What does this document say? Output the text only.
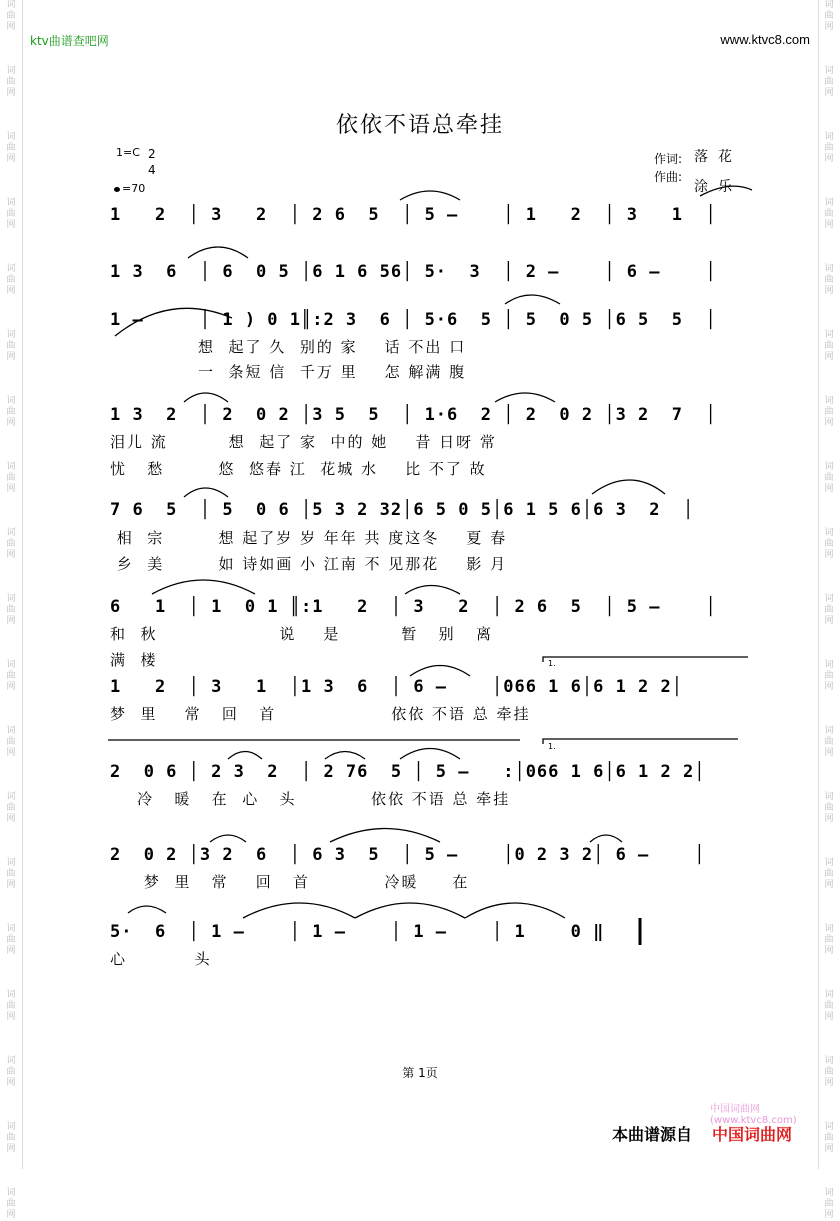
词
曲
网

词
曲
网

词
曲
网

词
曲
网

词
曲
网

词
曲
网

词
曲
网

词
曲
网

词
曲
网

词
曲
网

词
曲
网

词
曲
网

词
曲
网

词
曲
网

词
曲
网

词
曲
网

词
曲
网

词
曲
网

词
曲
网
词
曲
网

词
曲
网

词
曲
网

词
曲
网

词
曲
网

词
曲
网

词
曲
网

词
曲
网

词
曲
网

词
曲
网

词
曲
网

词
曲
网

词
曲
网

词
曲
网

词
曲
网

词
曲
网

词
曲
网

词
曲
网

词
曲
网
ktv曲谱查吧网	www.ktvc8.com
依依不语总牵挂
1=C 2
4
=70
作词: 落花
作曲:
涂乐
1   2  │ 3   2  │ 2 6  5  │ 5 –    │ 1   2  │ 3   1  │
1 3  6  │ 6  0 5 │6 1 6 56│ 5·  3  │ 2 –    │ 6 –    │
1 –     │ 1 ) 0 1║:2 3  6 │ 5·6  5 │ 5  0 5 │6 5  5  │
想  起了 久  别的 家    话 不出 口
一  条短 信  千万 里    怎 解满 腹
1 3  2  │ 2  0 2 │3 5  5  │ 1·6  2 │ 2  0 2 │3 2  7  │
泪儿 流         想  起了 家  中的 她    昔 日呀 常
忧   愁        悠  悠春 江  花城 水    比 不了 故
7 6  5  │ 5  0 6 │5 3 2 32│6 5 0 5│6 1 5 6│6 3  2  │
相  宗        想 起了岁 岁 年年 共 度这冬    夏 春
乡  美        如 诗如画 小 江南 不 见那花    影 月
6   1  │ 1  0 1 ║:1   2  │ 3   2  │ 2 6  5  │ 5 –    │
和  秋                  说    是         暂   别   离
满  楼
1   2  │ 3   1  │1 3  6  │ 6 –    │066 1 6│6 1 2 2│
梦  里    常   回   首                 依依 不语 总 牵挂
2  0 6 │ 2 3  2  │ 2 76  5 │ 5 –   :│066 1 6│6 1 2 2│
冷   暖   在  心   头           依依 不语 总 牵挂
2  0 2 │3 2  6  │ 6 3  5  │ 5 –    │0 2 3 2│ 6 –    │
梦  里   常    回   首           冷暖     在
5·  6  │ 1 –    │ 1 –    │ 1 –    │ 1    0 ‖
心          头
1.
1.
第 1页
中国词曲网(www.ktvc8.com)
本曲谱源自 中国词曲网
